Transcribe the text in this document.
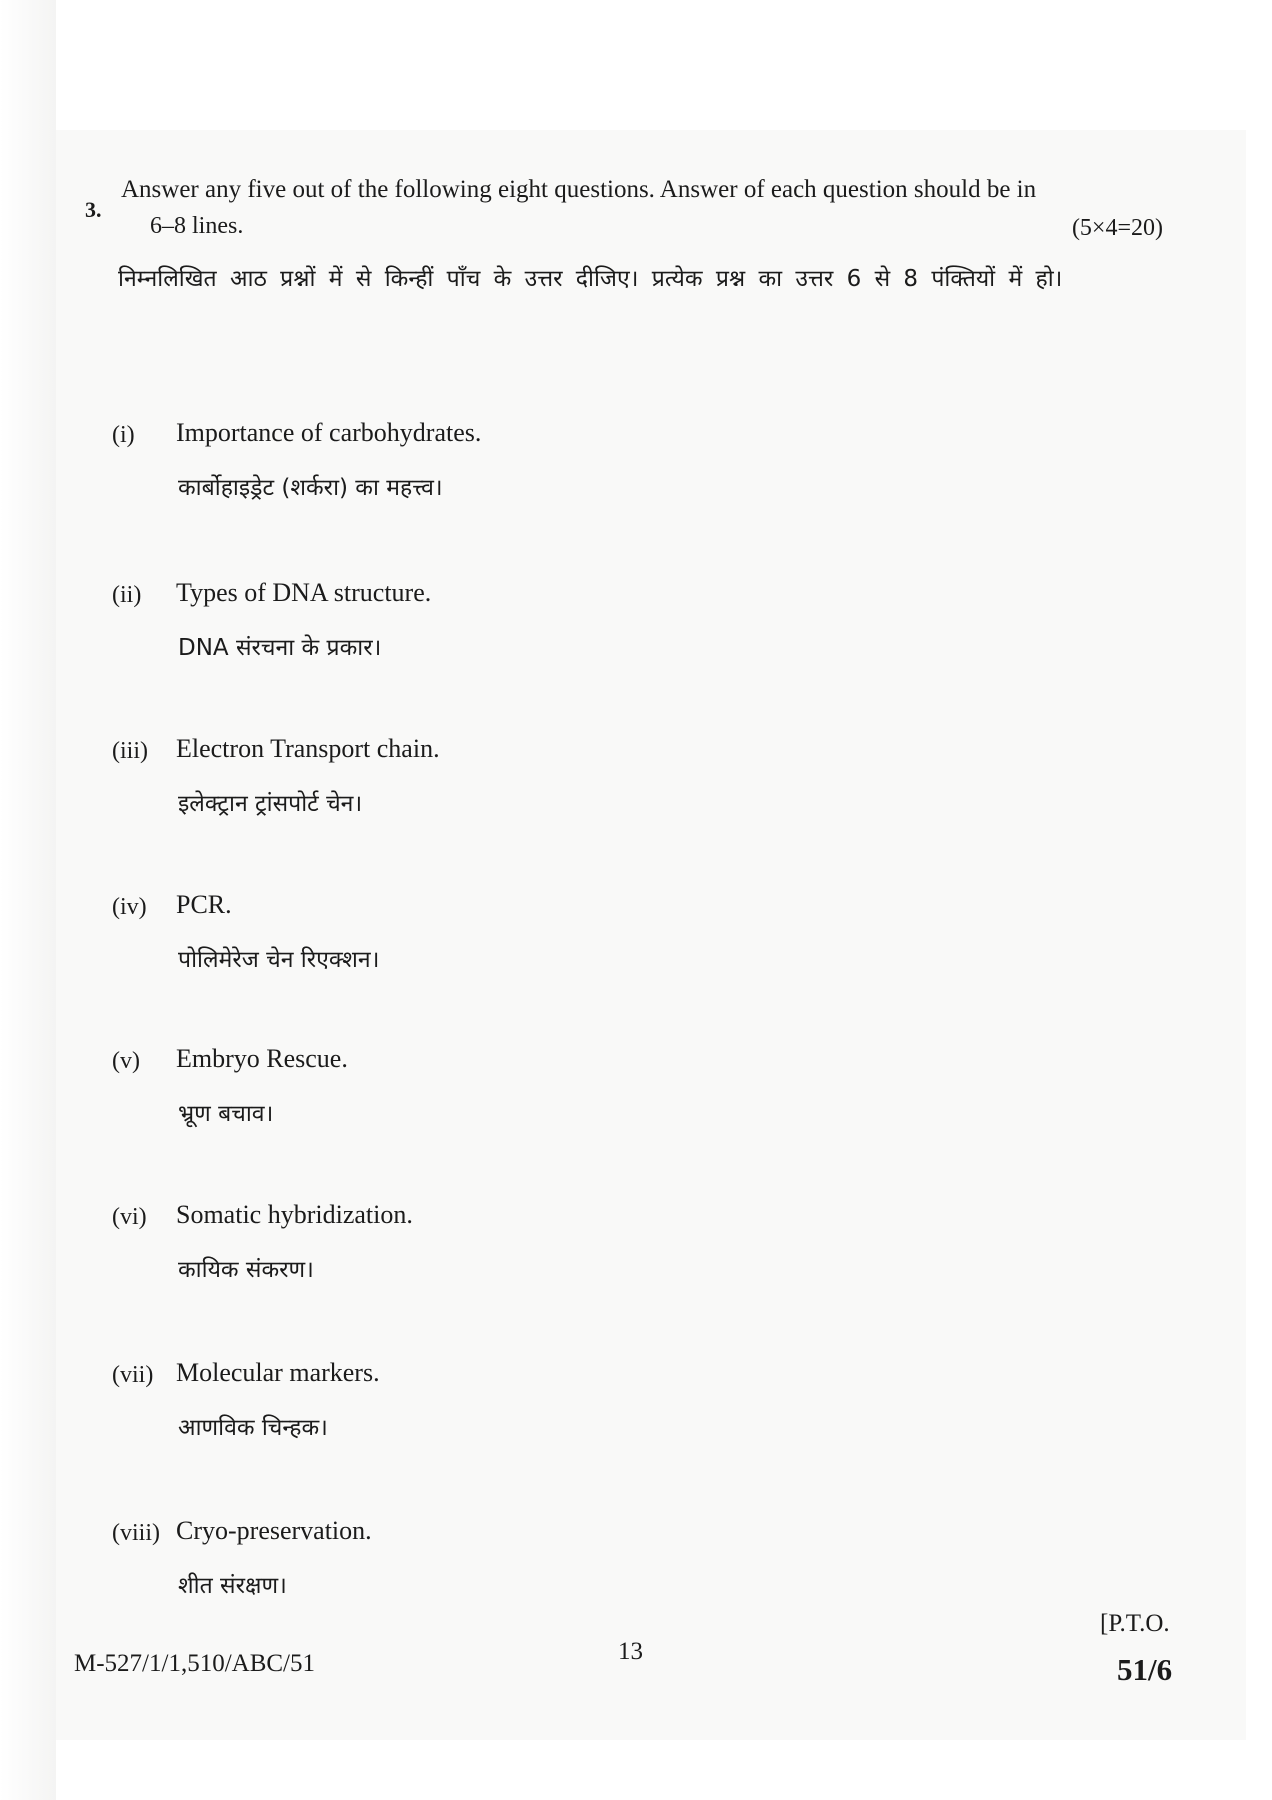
3.
Answer any five out of the following eight questions. Answer of each question should be in
6–8 lines.	(5×4=20)
निम्नलिखित आठ प्रश्नों में से किन्हीं पाँच के उत्तर दीजिए। प्रत्येक प्रश्न का उत्तर 6 से 8 पंक्तियों में हो।
(i) Importance of carbohydrates.
कार्बोहाइड्रेट (शर्करा) का महत्त्व।
(ii) Types of DNA structure.
DNA संरचना के प्रकार।
(iii) Electron Transport chain.
इलेक्ट्रान ट्रांसपोर्ट चेन।
(iv) PCR.
पोलिमेरेज चेन रिएक्शन।
(v) Embryo Rescue.
भ्रूण बचाव।
(vi) Somatic hybridization.
कायिक संकरण।
(vii) Molecular markers.
आणविक चिन्हक।
(viii) Cryo-preservation.
शीत संरक्षण।
M-527/1/1,510/ABC/51	13
[P.T.O.
51/6
